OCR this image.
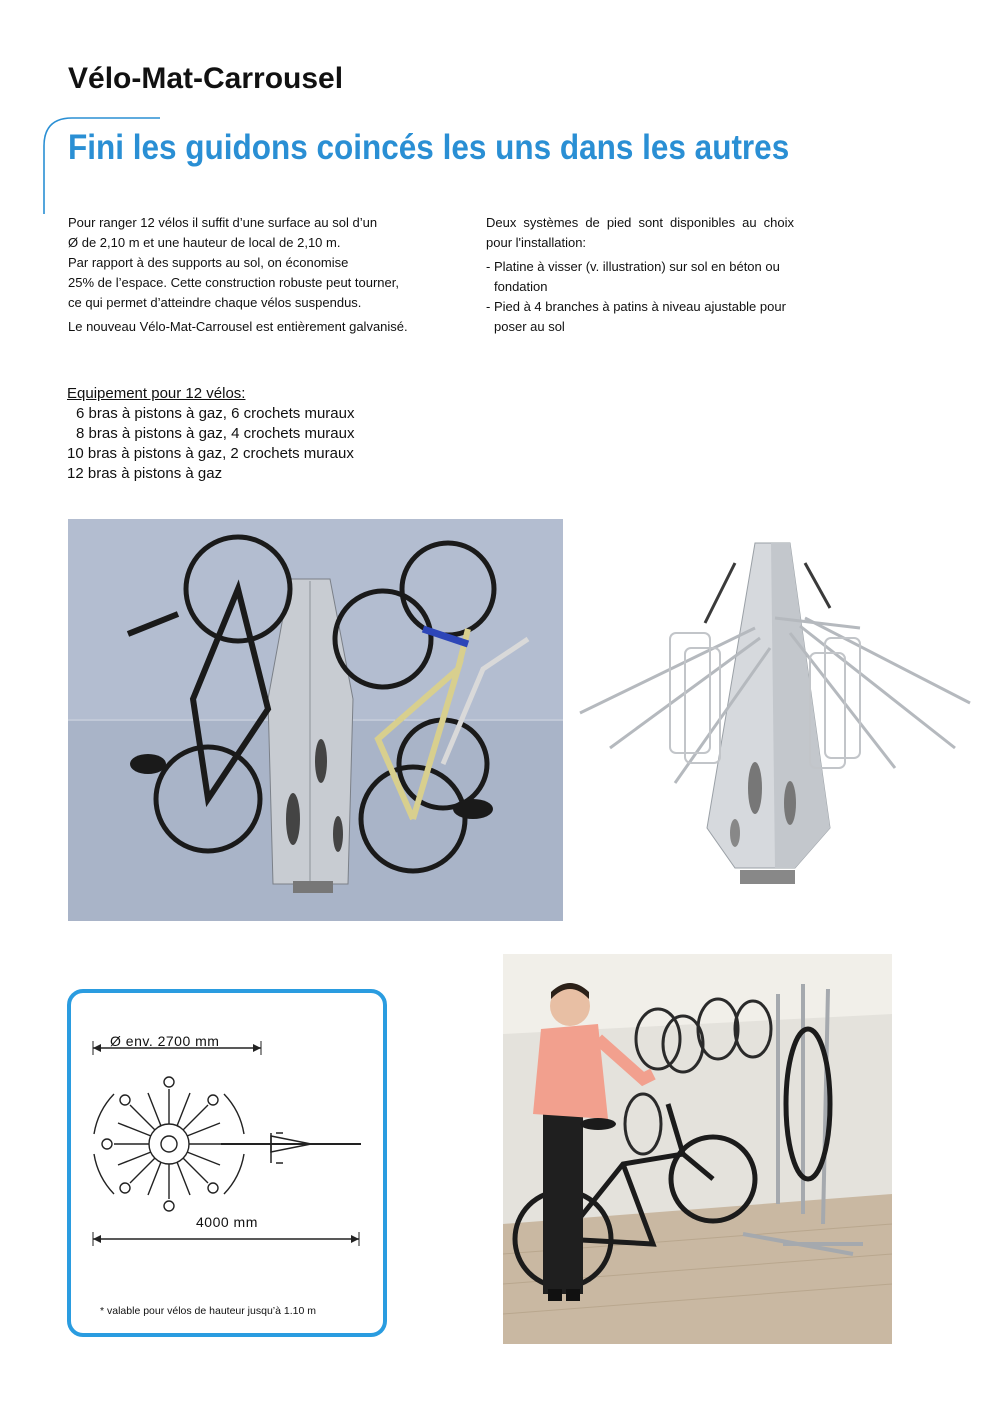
Vélo-Mat-Carrousel
Fini les guidons coincés les uns dans les autres

Pour ranger 12 vélos il suffit d’une surface au sol d’un

Ø de 2,10 m et une hauteur de local de 2,10 m.

Par rapport à des supports au sol, on économise

25% de l’espace. Cette construction robuste peut tourner,

ce qui permet d’atteindre chaque vélos suspendus.

Le nouveau Vélo-Mat-Carrousel est entièrement galvanisé.

Deux systèmes de pied sont disponibles au choix

pour l'installation:

- Platine à visser (v. illustration) sur sol en béton ou

fondation

- Pied à 4 branches à patins à niveau ajustable pour

poser au sol

Equipement pour 12 vélos:
6 bras à pistons à gaz, 6 crochets muraux
8 bras à pistons à gaz, 4 crochets muraux
10 bras à pistons à gaz, 2 crochets muraux
12 bras à pistons à gaz
Ø env. 2700 mm
4000 mm
* valable pour vélos de hauteur jusqu’à 1.10 m
